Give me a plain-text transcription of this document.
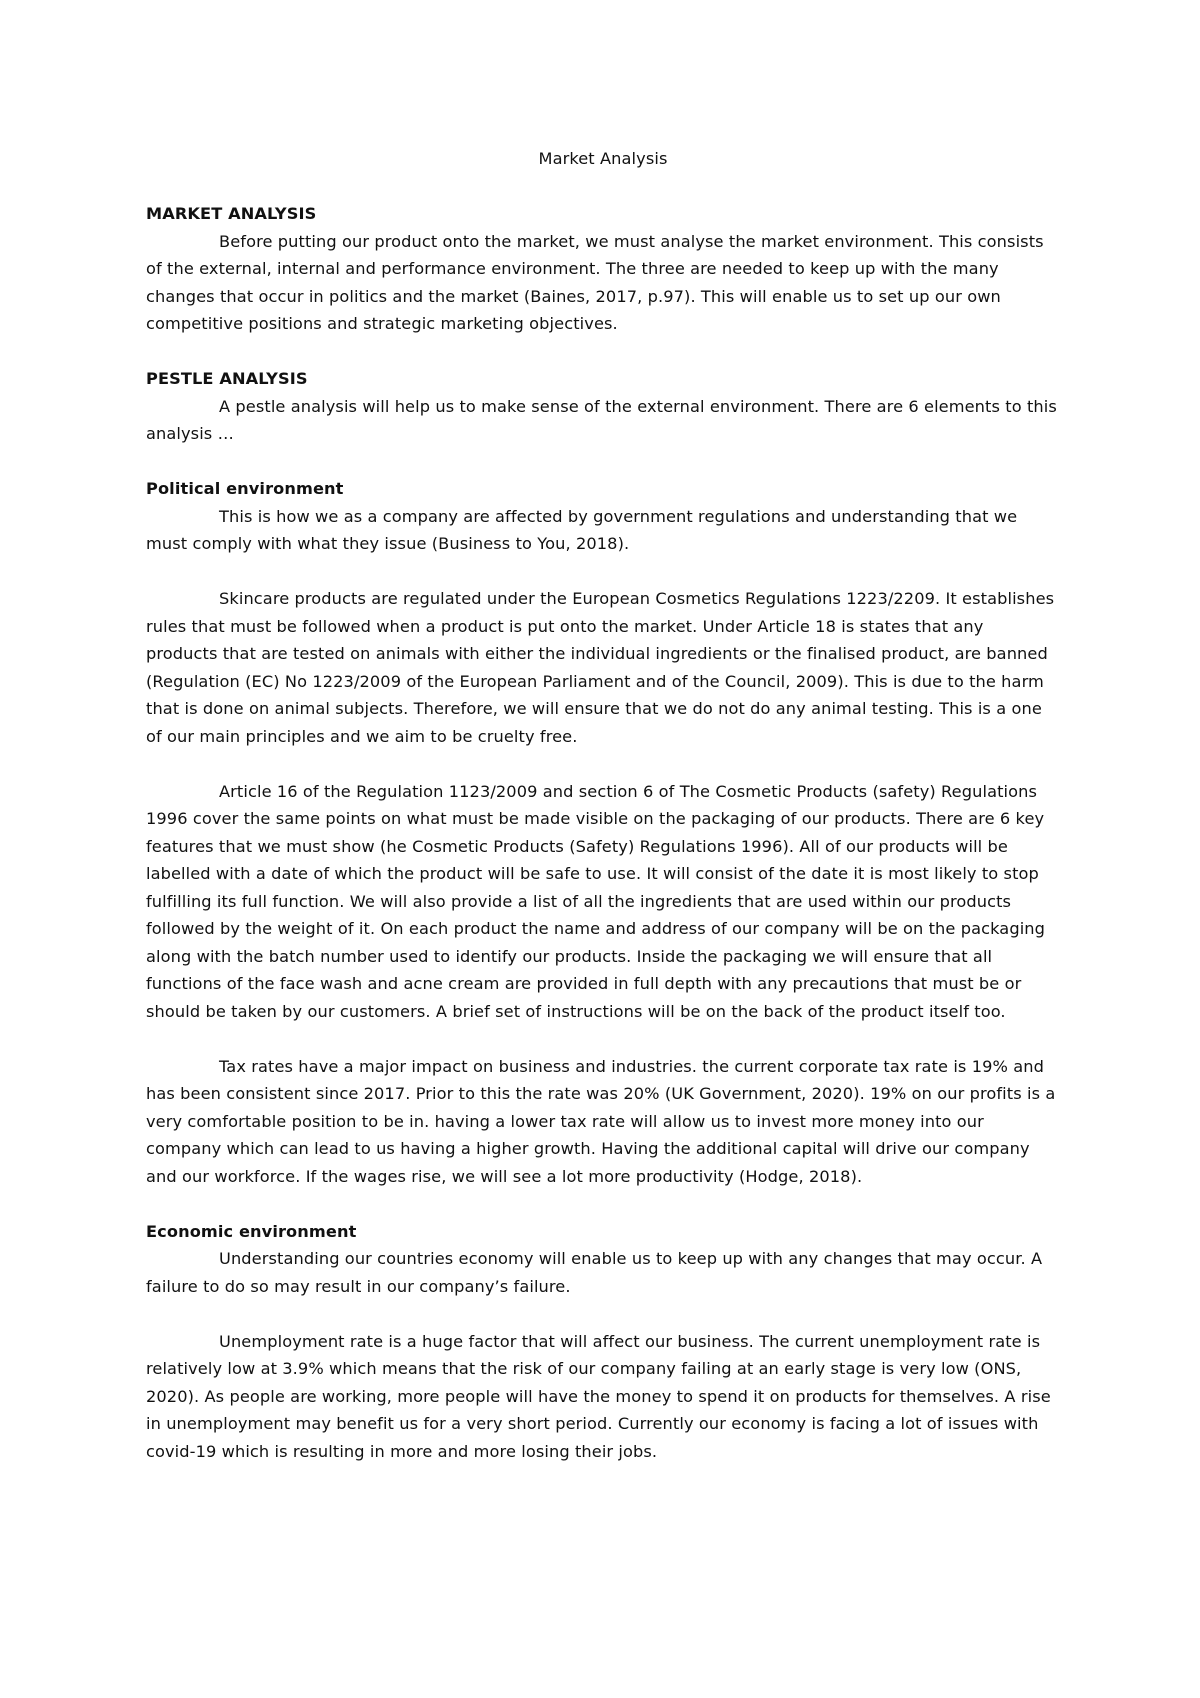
Market Analysis

MARKET ANALYSIS

Before putting our product onto the market, we must analyse the market environment. This consists of the external, internal and performance environment. The three are needed to keep up with the many changes that occur in politics and the market (Baines, 2017, p.97). This will enable us to set up our own competitive positions and strategic marketing objectives.

PESTLE ANALYSIS

A pestle analysis will help us to make sense of the external environment. There are 6 elements to this analysis …

Political environment

This is how we as a company are affected by government regulations and understanding that we must comply with what they issue (Business to You, 2018).

Skincare products are regulated under the European Cosmetics Regulations 1223/2209. It establishes rules that must be followed when a product is put onto the market. Under Article 18 is states that any products that are tested on animals with either the individual ingredients or the finalised product, are banned (Regulation (EC) No 1223/2009 of the European Parliament and of the Council, 2009). This is due to the harm that is done on animal subjects. Therefore, we will ensure that we do not do any animal testing. This is a one of our main principles and we aim to be cruelty free.

Article 16 of the Regulation 1123/2009 and section 6 of The Cosmetic Products (safety) Regulations 1996 cover the same points on what must be made visible on the packaging of our products. There are 6 key features that we must show (he Cosmetic Products (Safety) Regulations 1996). All of our products will be labelled with a date of which the product will be safe to use. It will consist of the date it is most likely to stop fulfilling its full function. We will also provide a list of all the ingredients that are used within our products followed by the weight of it. On each product the name and address of our company will be on the packaging along with the batch number used to identify our products. Inside the packaging we will ensure that all functions of the face wash and acne cream are provided in full depth with any precautions that must be or should be taken by our customers. A brief set of instructions will be on the back of the product itself too.

Tax rates have a major impact on business and industries. the current corporate tax rate is 19% and has been consistent since 2017. Prior to this the rate was 20% (UK Government, 2020). 19% on our profits is a very comfortable position to be in. having a lower tax rate will allow us to invest more money into our company which can lead to us having a higher growth. Having the additional capital will drive our company and our workforce. If the wages rise, we will see a lot more productivity (Hodge, 2018).

Economic environment

Understanding our countries economy will enable us to keep up with any changes that may occur. A failure to do so may result in our company’s failure.

Unemployment rate is a huge factor that will affect our business. The current unemployment rate is relatively low at 3.9% which means that the risk of our company failing at an early stage is very low (ONS, 2020). As people are working, more people will have the money to spend it on products for themselves. A rise in unemployment may benefit us for a very short period. Currently our economy is facing a lot of issues with covid-19 which is resulting in more and more losing their jobs.
